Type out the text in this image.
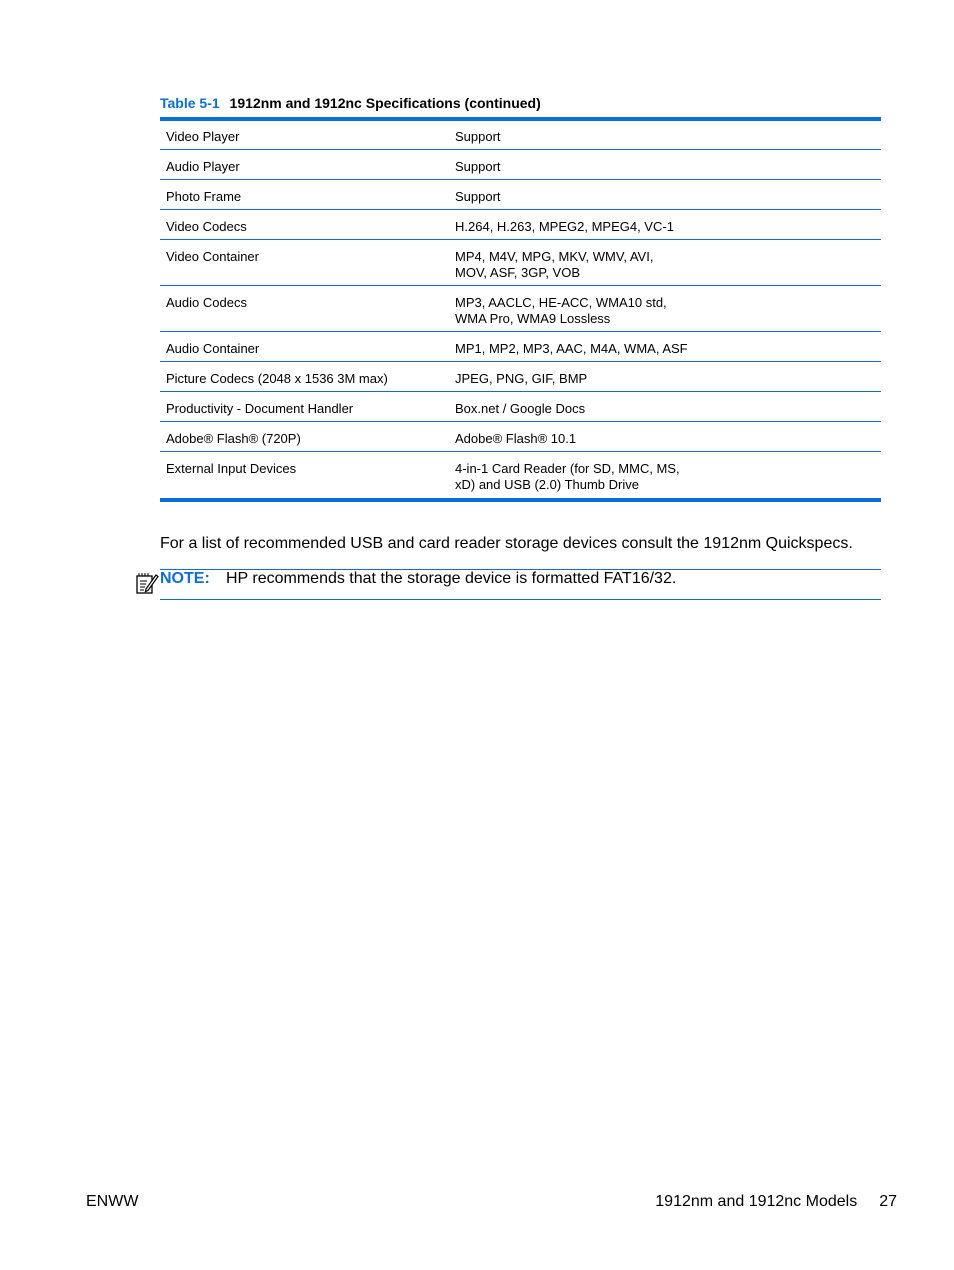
Table 5-1 1912nm and 1912nc Specifications (continued)
Video Player	Support
Audio Player	Support
Photo Frame	Support
Video Codecs	H.264, H.263, MPEG2, MPEG4, VC-1
Video Container	MP4, M4V, MPG, MKV, WMV, AVI,
MOV, ASF, 3GP, VOB
Audio Codecs	MP3, AACLC, HE-ACC, WMA10 std,
WMA Pro, WMA9 Lossless
Audio Container	MP1, MP2, MP3, AAC, M4A, WMA, ASF
Picture Codecs (2048 x 1536 3M max)	JPEG, PNG, GIF, BMP
Productivity - Document Handler	Box.net / Google Docs
Adobe® Flash® (720P)	Adobe® Flash® 10.1
External Input Devices	4-in-1 Card Reader (for SD, MMC, MS,
xD) and USB (2.0) Thumb Drive
For a list of recommended USB and card reader storage devices consult the 1912nm Quickspecs.
NOTE: HP recommends that the storage device is formatted FAT16/32.
ENWW	1912nm and 1912nc Models 27
